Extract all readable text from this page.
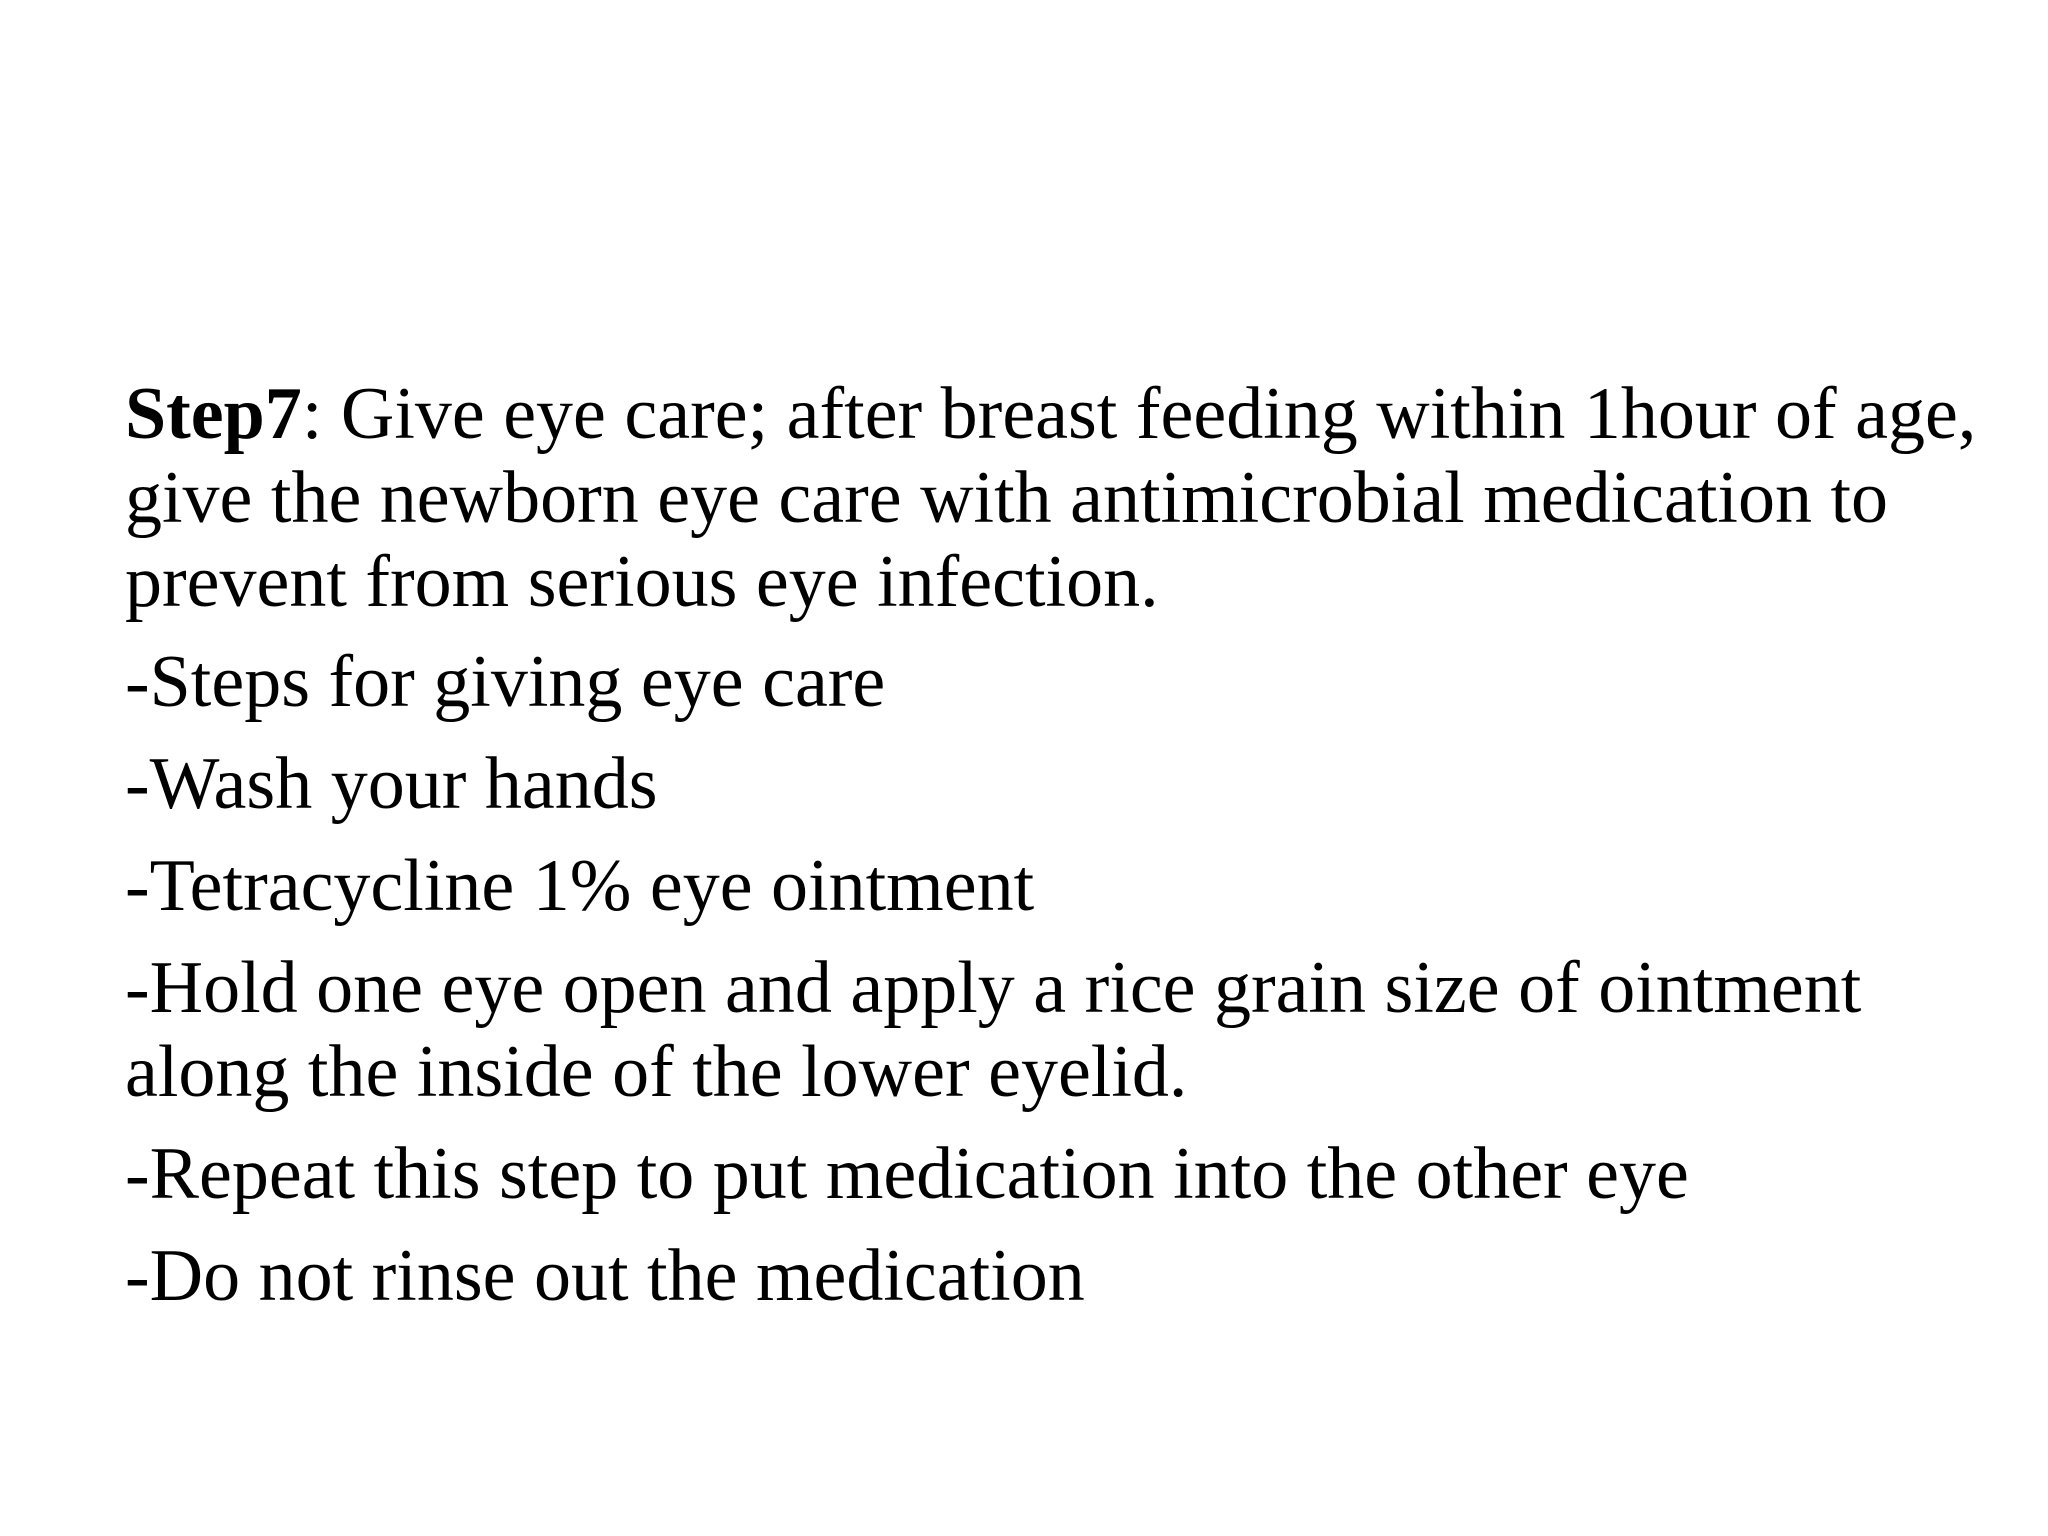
Step7: Give eye care; after breast feeding within 1hour of age, give the newborn eye care with antimicrobial medication to prevent from serious eye infection.

-Steps for giving eye care

-Wash your hands

-Tetracycline 1% eye ointment

-Hold one eye open and apply a rice grain size of ointment along the inside of the lower eyelid.

-Repeat this step to put medication into the other eye

-Do not rinse out the medication
